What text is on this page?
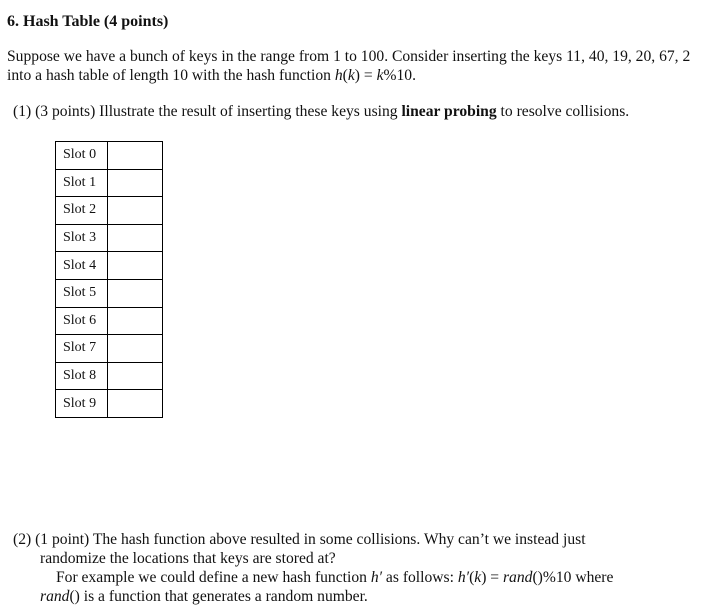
6. Hash Table (4 points)
Suppose we have a bunch of keys in the range from 1 to 100. Consider inserting the keys 11, 40, 19, 20, 67, 2
into a hash table of length 10 with the hash function h(k) = k%10.
(1) (3 points) Illustrate the result of inserting these keys using linear probing to resolve collisions.
Slot 0	
Slot 1	
Slot 2	
Slot 3	
Slot 4	
Slot 5	
Slot 6	
Slot 7	
Slot 8	
Slot 9	
(2) (1 point) The hash function above resulted in some collisions. Why can’t we instead just
randomize the locations that keys are stored at?
For example we could define a new hash function h′ as follows: h′(k) = rand()%10 where
rand() is a function that generates a random number.
